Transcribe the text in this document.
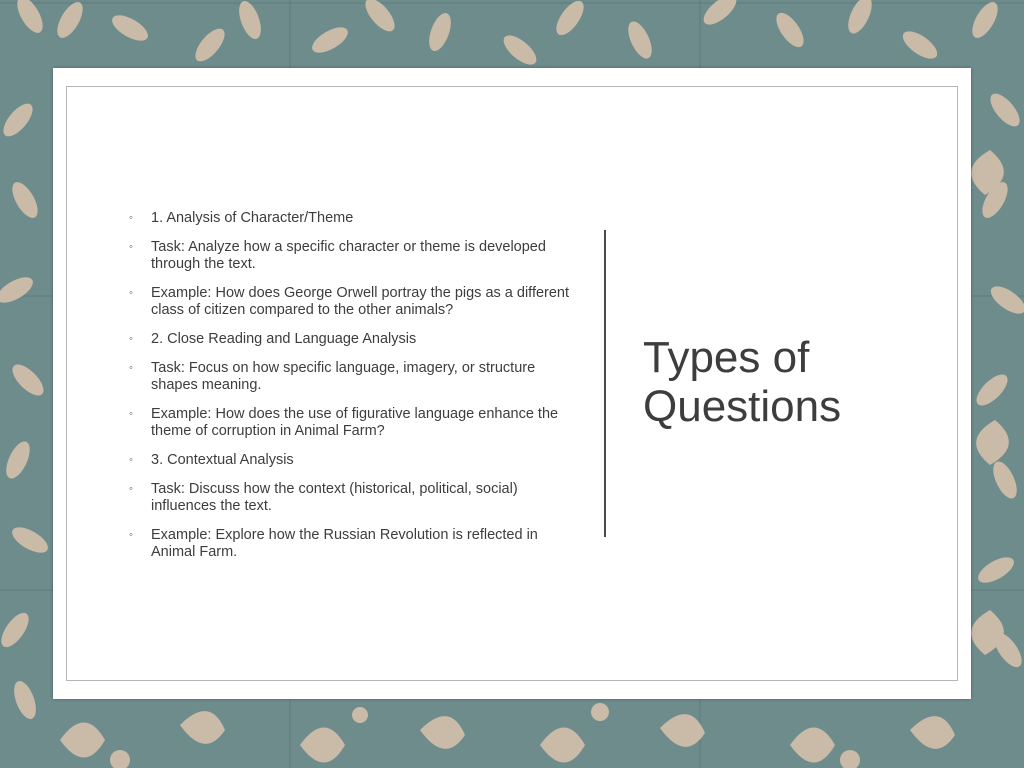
◦ 1. Analysis of Character/Theme
◦ Task: Analyze how a specific character or theme is developed through the text.
◦ Example: How does George Orwell portray the pigs as a different class of citizen compared to the other animals?
◦ 2. Close Reading and Language Analysis
◦ Task: Focus on how specific language, imagery, or structure shapes meaning.
◦ Example: How does the use of figurative language enhance the theme of corruption in Animal Farm?
◦ 3. Contextual Analysis
◦ Task: Discuss how the context (historical, political, social) influences the text.
◦ Example: Explore how the Russian Revolution is reflected in Animal Farm.
Types of
Questions
